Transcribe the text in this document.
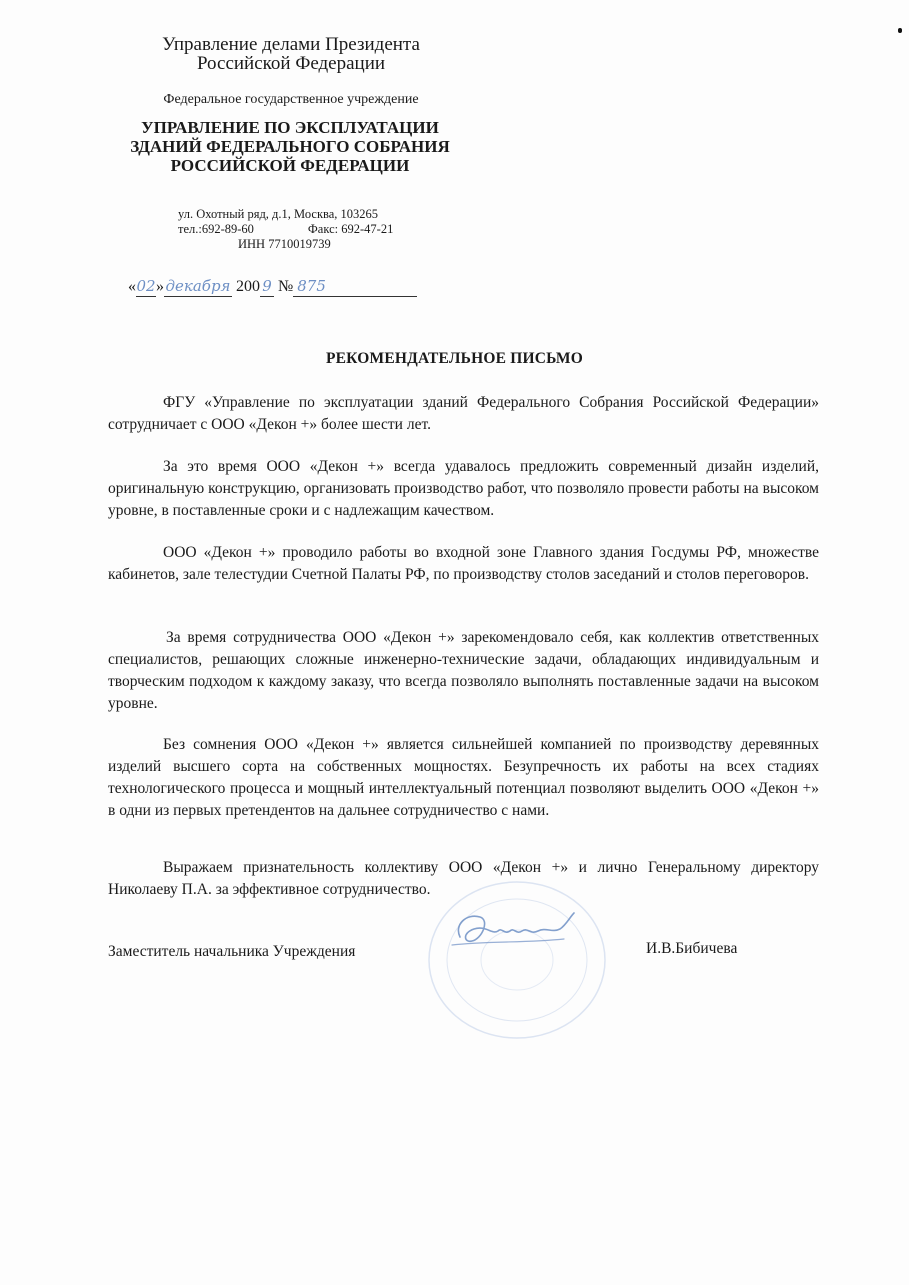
Управление делами Президента
Российской Федерации
Федеральное государственное учреждение
УПРАВЛЕНИЕ ПО ЭКСПЛУАТАЦИИ
ЗДАНИЙ ФЕДЕРАЛЬНОГО СОБРАНИЯ
РОССИЙСКОЙ ФЕДЕРАЦИИ
ул. Охотный ряд, д.1, Москва, 103265
тел.:692-89-60	Факс: 692-47-21
ИНН 7710019739
«02» декабря 200 9 № 875
РЕКОМЕНДАТЕЛЬНОЕ ПИСЬМО
ФГУ «Управление по эксплуатации зданий Федерального Собрания Российской Федерации» сотрудничает с ООО «Декон +» более шести лет.
За это время ООО «Декон +» всегда удавалось предложить современный дизайн изделий, оригинальную конструкцию, организовать производство работ, что позволяло провести работы на высоком уровне, в поставленные сроки и с надлежащим качеством.
ООО «Декон +» проводило работы во входной зоне Главного здания Госдумы РФ, множестве кабинетов, зале телестудии Счетной Палаты РФ, по производству столов заседаний и столов переговоров.
За время сотрудничества ООО «Декон +» зарекомендовало себя, как коллектив ответственных специалистов, решающих сложные инженерно-технические задачи, обладающих индивидуальным и творческим подходом к каждому заказу, что всегда позволяло выполнять поставленные задачи на высоком уровне.
Без сомнения ООО «Декон +» является сильнейшей компанией по производству деревянных изделий высшего сорта на собственных мощностях. Безупречность их работы на всех стадиях технологического процесса и мощный интеллектуальный потенциал позволяют выделить ООО «Декон +» в одни из первых претендентов на дальнее сотрудничество с нами.
Выражаем признательность коллективу ООО «Декон +» и лично Генеральному директору Николаеву П.А. за эффективное сотрудничество.
Заместитель начальника Учреждения	И.В.Бибичева
